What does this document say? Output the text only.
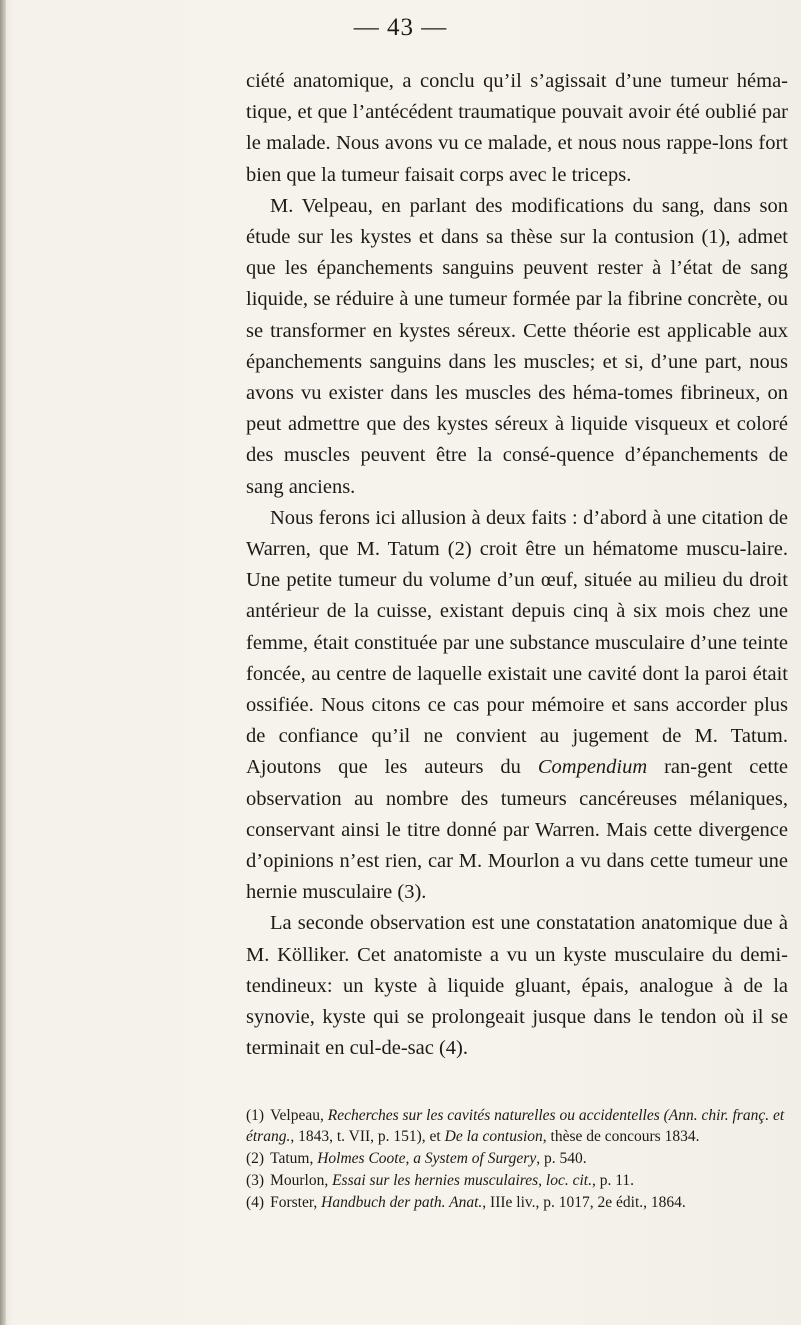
— 43 —

ciété anatomique, a conclu qu’il s’agissait d’une tumeur héma-tique, et que l’antécédent traumatique pouvait avoir été oublié par le malade. Nous avons vu ce malade, et nous nous rappe-lons fort bien que la tumeur faisait corps avec le triceps.

M. Velpeau, en parlant des modifications du sang, dans son étude sur les kystes et dans sa thèse sur la contusion (1), admet que les épanchements sanguins peuvent rester à l’état de sang liquide, se réduire à une tumeur formée par la fibrine concrète, ou se transformer en kystes séreux. Cette théorie est applicable aux épanchements sanguins dans les muscles; et si, d’une part, nous avons vu exister dans les muscles des héma-tomes fibrineux, on peut admettre que des kystes séreux à liquide visqueux et coloré des muscles peuvent être la consé-quence d’épanchements de sang anciens.

Nous ferons ici allusion à deux faits : d’abord à une citation de Warren, que M. Tatum (2) croit être un hématome muscu-laire. Une petite tumeur du volume d’un œuf, située au milieu du droit antérieur de la cuisse, existant depuis cinq à six mois chez une femme, était constituée par une substance musculaire d’une teinte foncée, au centre de laquelle existait une cavité dont la paroi était ossifiée. Nous citons ce cas pour mémoire et sans accorder plus de confiance qu’il ne convient au jugement de M. Tatum. Ajoutons que les auteurs du Compendium ran-gent cette observation au nombre des tumeurs cancéreuses mélaniques, conservant ainsi le titre donné par Warren. Mais cette divergence d’opinions n’est rien, car M. Mourlon a vu dans cette tumeur une hernie musculaire (3).

La seconde observation est une constatation anatomique due à M. Kölliker. Cet anatomiste a vu un kyste musculaire du demi-tendineux: un kyste à liquide gluant, épais, analogue à de la synovie, kyste qui se prolongeait jusque dans le tendon où il se terminait en cul-de-sac (4).

(1) Velpeau, Recherches sur les cavités naturelles ou accidentelles (Ann. chir. franç. et étrang., 1843, t. VII, p. 151), et De la contusion, thèse de concours 1834.

(2) Tatum, Holmes Coote, a System of Surgery, p. 540.

(3) Mourlon, Essai sur les hernies musculaires, loc. cit., p. 11.

(4) Forster, Handbuch der path. Anat., IIIe liv., p. 1017, 2e édit., 1864.
